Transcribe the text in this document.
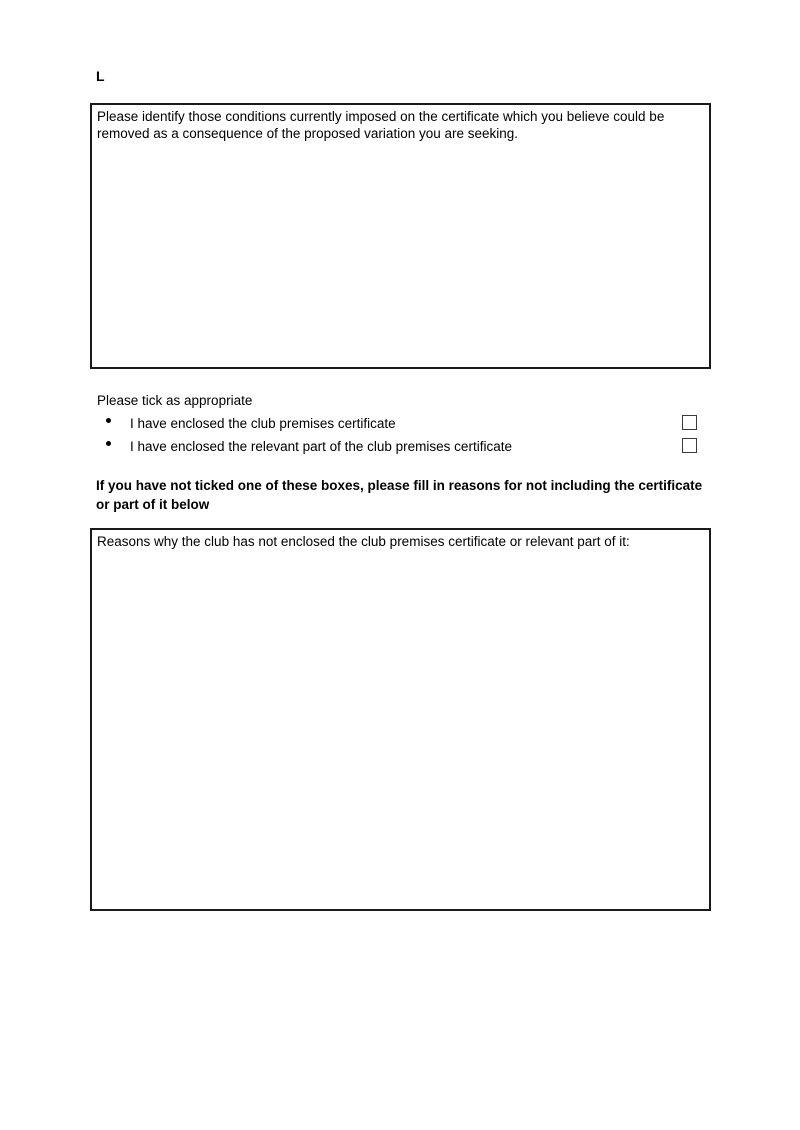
L
Please identify those conditions currently imposed on the certificate which you believe could be removed as a consequence of the proposed variation you are seeking.
Please tick as appropriate
I have enclosed the club premises certificate
I have enclosed the relevant part of the club premises certificate
If you have not ticked one of these boxes, please fill in reasons for not including the certificate or part of it below
Reasons why the club has not enclosed the club premises certificate or relevant part of it:
